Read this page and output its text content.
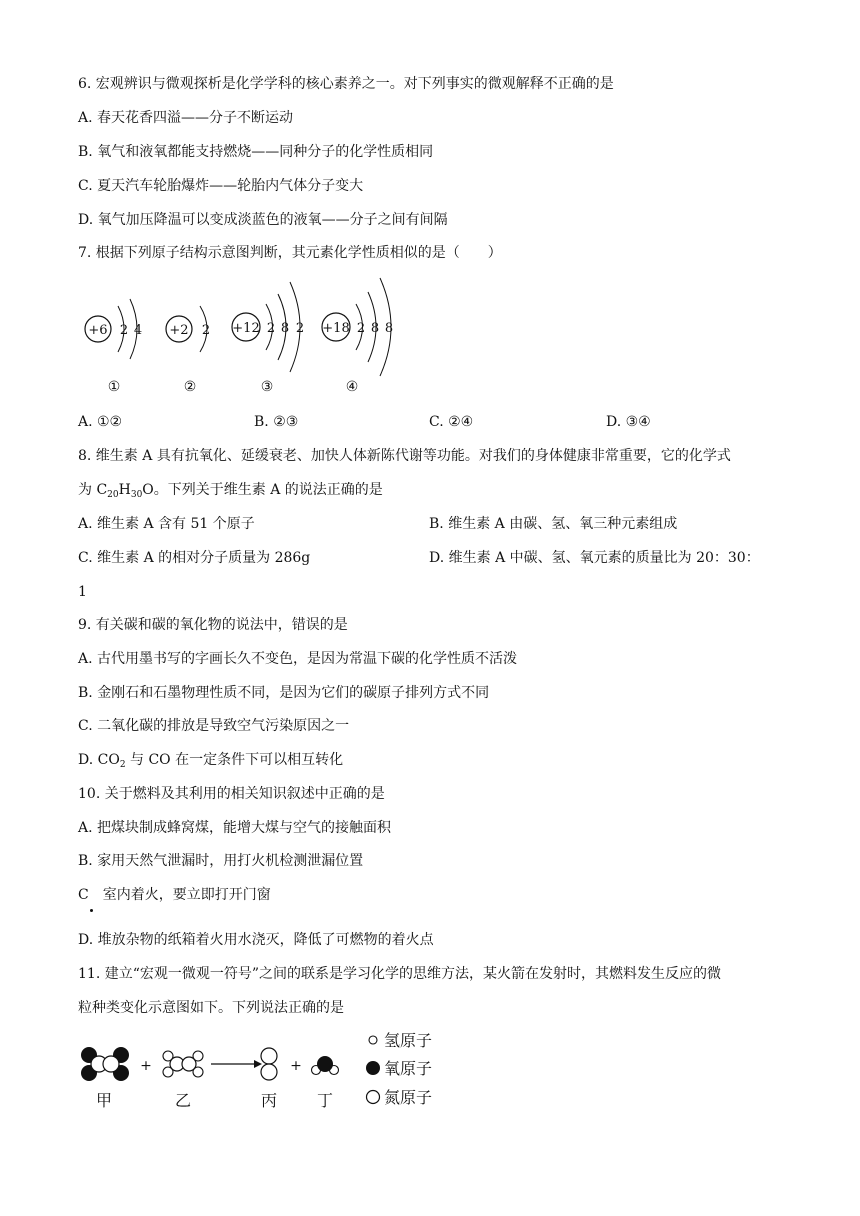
6. 宏观辨识与微观探析是化学学科的核心素养之一。对下列事实的微观解释不正确的是
A. 春天花香四溢——分子不断运动
B. 氧气和液氧都能支持燃烧——同种分子的化学性质相同
C. 夏天汽车轮胎爆炸——轮胎内气体分子变大
D. 氧气加压降温可以变成淡蓝色的液氧——分子之间有间隔
7. 根据下列原子结构示意图判断，其元素化学性质相似的是（　　）
+6 2 4
①
+2 2
②
+12 2 8 2
③
+18 2 8 8
④
A. ①②	B. ②③	C. ②④	D. ③④
8. 维生素 A 具有抗氧化、延缓衰老、加快人体新陈代谢等功能。对我们的身体健康非常重要，它的化学式
为 $C_{20}H_{30}O$。下列关于维生素 A 的说法正确的是
A. 维生素 A 含有 51 个原子	B. 维生素 A 由碳、氢、氧三种元素组成
C. 维生素 A 的相对分子质量为 286g	D. 维生素 A 中碳、氢、氧元素的质量比为 20：30：
1
9. 有关碳和碳的氧化物的说法中，错误的是
A. 古代用墨书写的字画长久不变色，是因为常温下碳的化学性质不活泼
B. 金刚石和石墨物理性质不同，是因为它们的碳原子排列方式不同
C. 二氧化碳的排放是导致空气污染原因之一
D. $CO_2$ 与 CO 在一定条件下可以相互转化
10. 关于燃料及其利用的相关知识叙述中正确的是
A. 把煤块制成蜂窝煤，能增大煤与空气的接触面积
B. 家用天然气泄漏时，用打火机检测泄漏位置
C　室内着火，要立即打开门窗
D. 堆放杂物的纸箱着火用水浇灭，降低了可燃物的着火点
11. 建立“宏观一微观一符号”之间的联系是学习化学的思维方法，某火箭在发射时，其燃料发生反应的微
粒种类变化示意图如下。下列说法正确的是
甲
+
乙	丙
+
丁
氢原子
氧原子
氮原子
